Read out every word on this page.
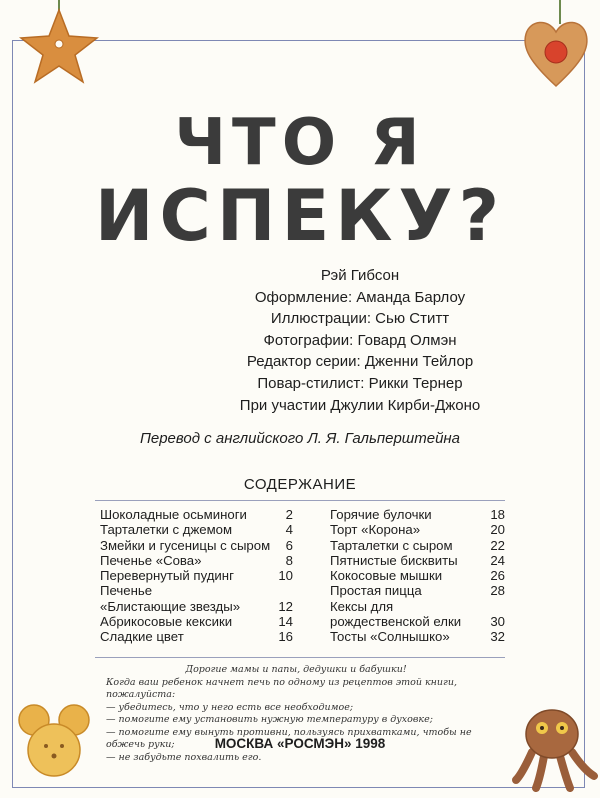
ЧТО Я
ИСПЕКУ?
Рэй Гибсон
Оформление: Аманда Барлоу
Иллюстрации: Сью Ститт
Фотографии: Говард Олмэн
Редактор серии: Дженни Тейлор
Повар-стилист: Рикки Тернер
При участии Джулии Кирби-Джоно
Перевод с английского Л. Я. Гальперштейна
СОДЕРЖАНИЕ
Шоколадные осьминоги	2
Тарталетки с джемом	4
Змейки и гусеницы с сыром 6
Печенье «Сова»	8
Перевернутый пудинг	10
Печенье
«Блистающие звезды»	12
Абрикосовые кексики	14
Сладкие цвет	16
Горячие булочки	18
Торт «Корона»	20
Тарталетки с сыром	22
Пятнистые бисквиты 24
Кокосовые мышки	26
Простая пицца	28
Кексы для
рождественской елки 30
Тосты «Солнышко»	32

Дорогие мамы и папы, дедушки и бабушки!

Когда ваш ребенок начнет печь по одному из рецептов этой книги, пожалуйста:

— убедитесь, что у него есть все необходимое;

— помогите ему установить нужную температуру в духовке;

— помогите ему вынуть противни, пользуясь прихватками, чтобы не обжечь руки;

— не забудьте похвалить его.

МОСКВА «РОСМЭН» 1998
